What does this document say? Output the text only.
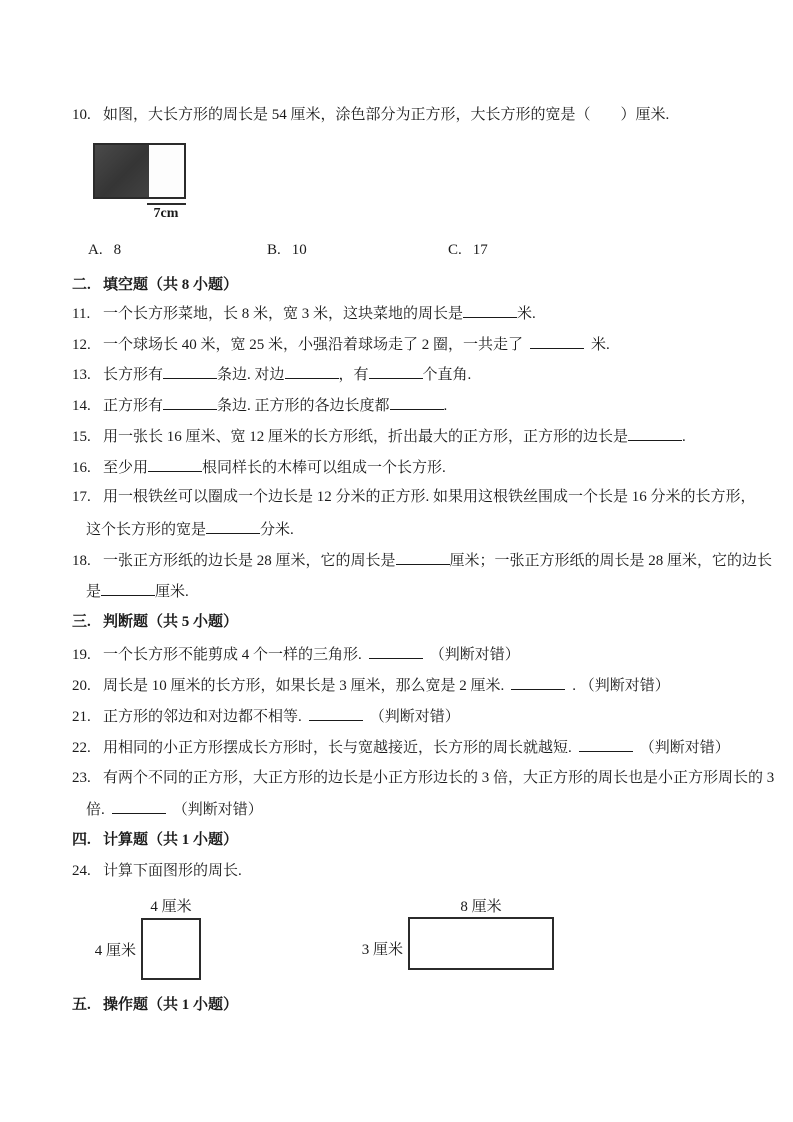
10. 如图，大长方形的周长是 54 厘米，涂色部分为正方形，大长方形的宽是（　　）厘米.
7cm
A. 8	B. 10	C. 17
二. 填空题（共 8 小题）
11. 一个长方形菜地，长 8 米，宽 3 米，这块菜地的周长是	米.
12. 一个球场长 40 米，宽 25 米，小强沿着球场走了 2 圈，一共走了	米.
13. 长方形有	条边. 对边	，有	个直角.
14. 正方形有	条边. 正方形的各边长度都	.
15. 用一张长 16 厘米、宽 12 厘米的长方形纸，折出最大的正方形，正方形的边长是	.
16. 至少用	根同样长的木棒可以组成一个长方形.
17. 用一根铁丝可以圈成一个边长是 12 分米的正方形. 如果用这根铁丝围成一个长是 16 分米的长方形，
这个长方形的宽是	分米.
18. 一张正方形纸的边长是 28 厘米，它的周长是	厘米；一张正方形纸的周长是 28 厘米，它的边长
是	厘米.
三. 判断题（共 5 小题）
19. 一个长方形不能剪成 4 个一样的三角形.	（判断对错）
20. 周长是 10 厘米的长方形，如果长是 3 厘米，那么宽是 2 厘米.	. （判断对错）
21. 正方形的邻边和对边都不相等.	（判断对错）
22. 用相同的小正方形摆成长方形时，长与宽越接近，长方形的周长就越短.	（判断对错）
23. 有两个不同的正方形，大正方形的边长是小正方形边长的 3 倍，大正方形的周长也是小正方形周长的 3
倍.	（判断对错）
四. 计算题（共 1 小题）
24. 计算下面图形的周长.
4 厘米
4 厘米
8 厘米
3 厘米
五. 操作题（共 1 小题）
